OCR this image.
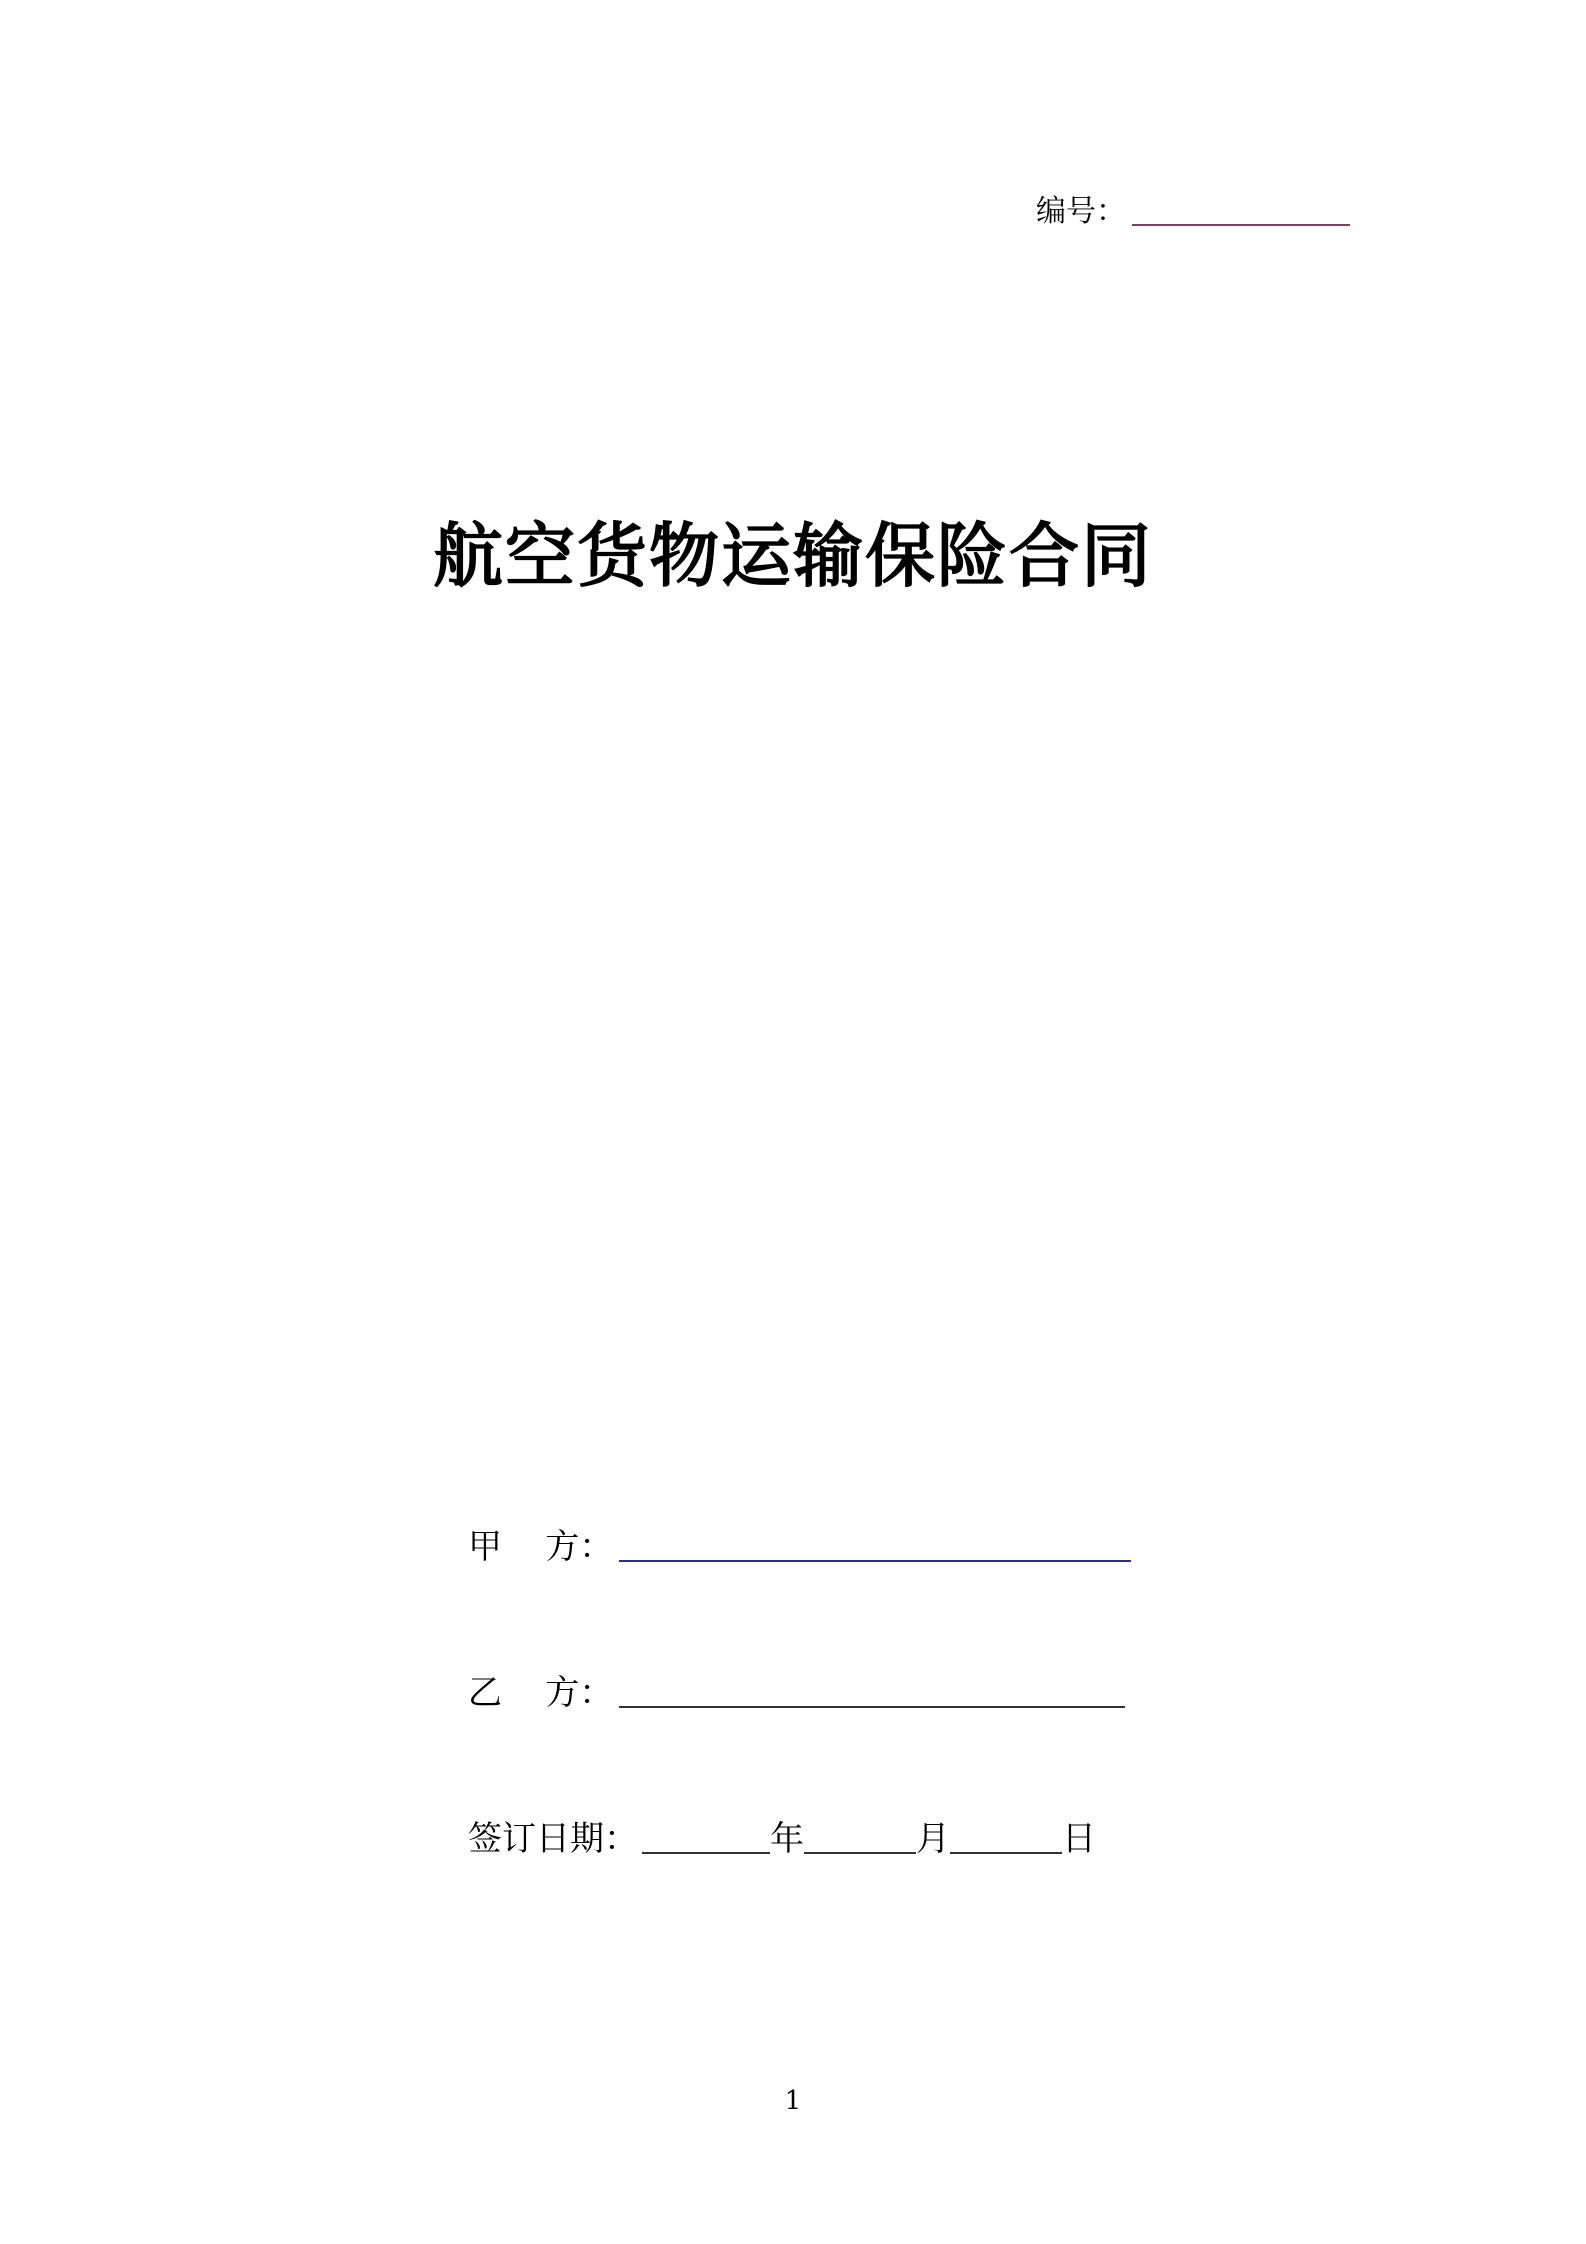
编号：
航空货物运输保险合同
甲    方：
乙    方：
签订日期：	年	月	日
1
